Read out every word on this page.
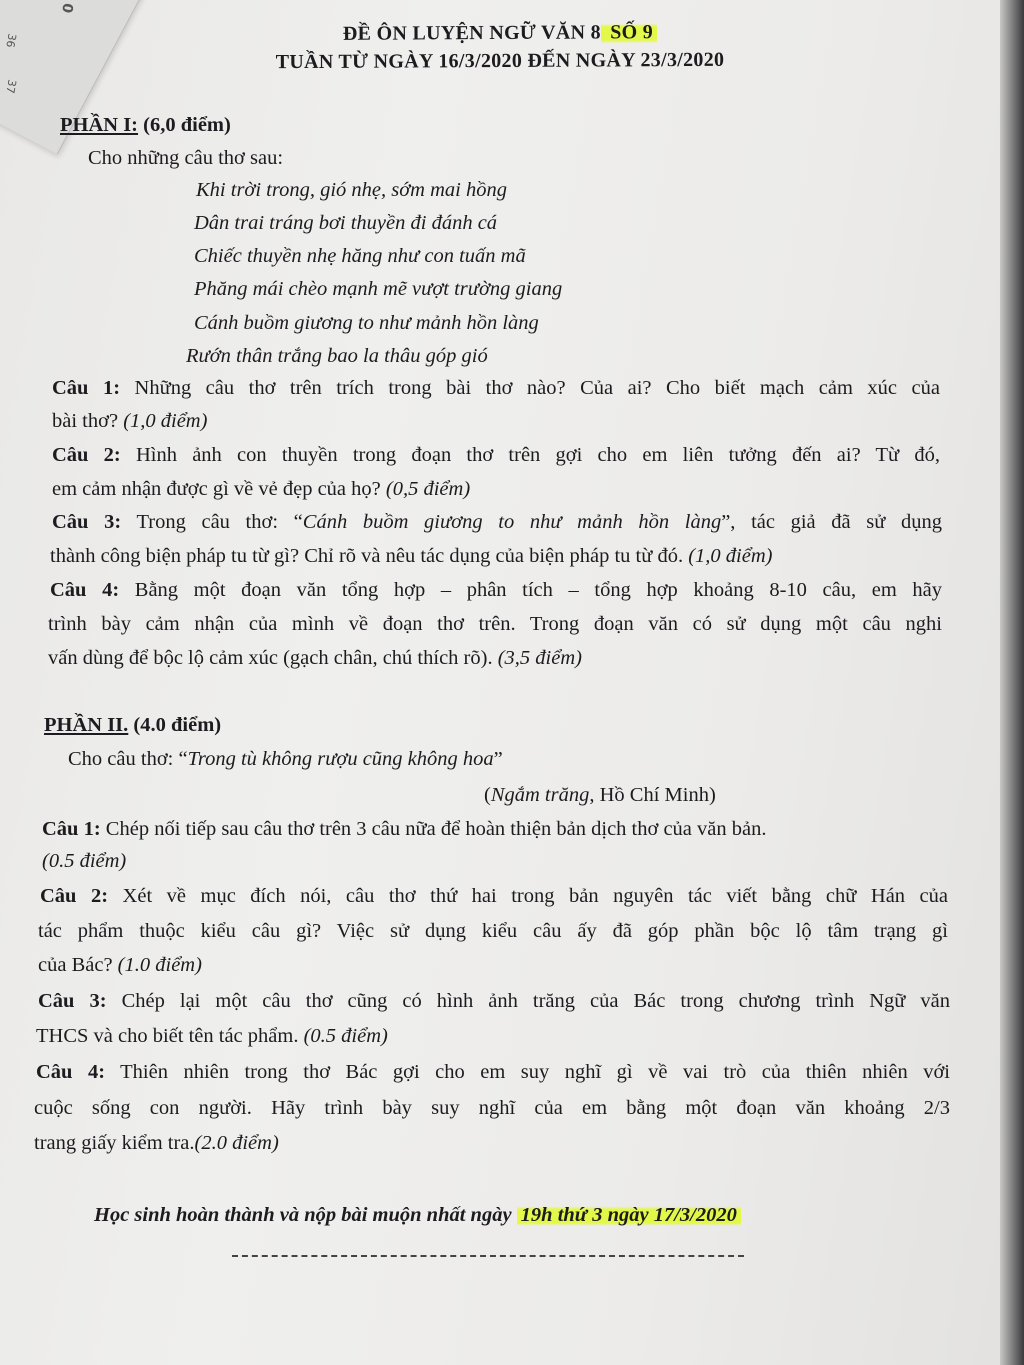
36
37
0
ĐỀ ÔN LUYỆN NGỮ VĂN 8 SỐ 9
TUẦN TỪ NGÀY 16/3/2020 ĐẾN NGÀY 23/3/2020
PHẦN I: (6,0 điểm)
Cho những câu thơ sau:
Khi trời trong, gió nhẹ, sớm mai hồng
Dân trai tráng bơi thuyền đi đánh cá
Chiếc thuyền nhẹ hăng như con tuấn mã
Phăng mái chèo mạnh mẽ vượt trường giang
Cánh buồm giương to như mảnh hồn làng
Rướn thân trắng bao la thâu góp gió
Câu 1: Những câu thơ trên trích trong bài thơ nào? Của ai? Cho biết mạch cảm xúc của
bài thơ? (1,0 điểm)
Câu 2: Hình ảnh con thuyền trong đoạn thơ trên gợi cho em liên tưởng đến ai? Từ đó,
em cảm nhận được gì về vẻ đẹp của họ? (0,5 điểm)
Câu 3: Trong câu thơ: “Cánh buồm giương to như mảnh hồn làng”, tác giả đã sử dụng
thành công biện pháp tu từ gì? Chỉ rõ và nêu tác dụng của biện pháp tu từ đó. (1,0 điểm)
Câu 4: Bằng một đoạn văn tổng hợp – phân tích – tổng hợp khoảng 8-10 câu, em hãy
trình bày cảm nhận của mình về đoạn thơ trên. Trong đoạn văn có sử dụng một câu nghi
vấn dùng để bộc lộ cảm xúc (gạch chân, chú thích rõ). (3,5 điểm)
PHẦN II. (4.0 điểm)
Cho câu thơ: “Trong tù không rượu cũng không hoa”
(Ngắm trăng, Hồ Chí Minh)
Câu 1: Chép nối tiếp sau câu thơ trên 3 câu nữa để hoàn thiện bản dịch thơ của văn bản.
(0.5 điểm)
Câu 2: Xét về mục đích nói, câu thơ thứ hai trong bản nguyên tác viết bằng chữ Hán của
tác phẩm thuộc kiểu câu gì? Việc sử dụng kiểu câu ấy đã góp phần bộc lộ tâm trạng gì
của Bác? (1.0 điểm)
Câu 3: Chép lại một câu thơ cũng có hình ảnh trăng của Bác trong chương trình Ngữ văn
THCS và cho biết tên tác phẩm. (0.5 điểm)
Câu 4: Thiên nhiên trong thơ Bác gợi cho em suy nghĩ gì về vai trò của thiên nhiên với
cuộc sống con người. Hãy trình bày suy nghĩ của em bằng một đoạn văn khoảng 2/3
trang giấy kiểm tra.(2.0 điểm)
Học sinh hoàn thành và nộp bài muộn nhất ngày 19h thứ 3 ngày 17/3/2020
